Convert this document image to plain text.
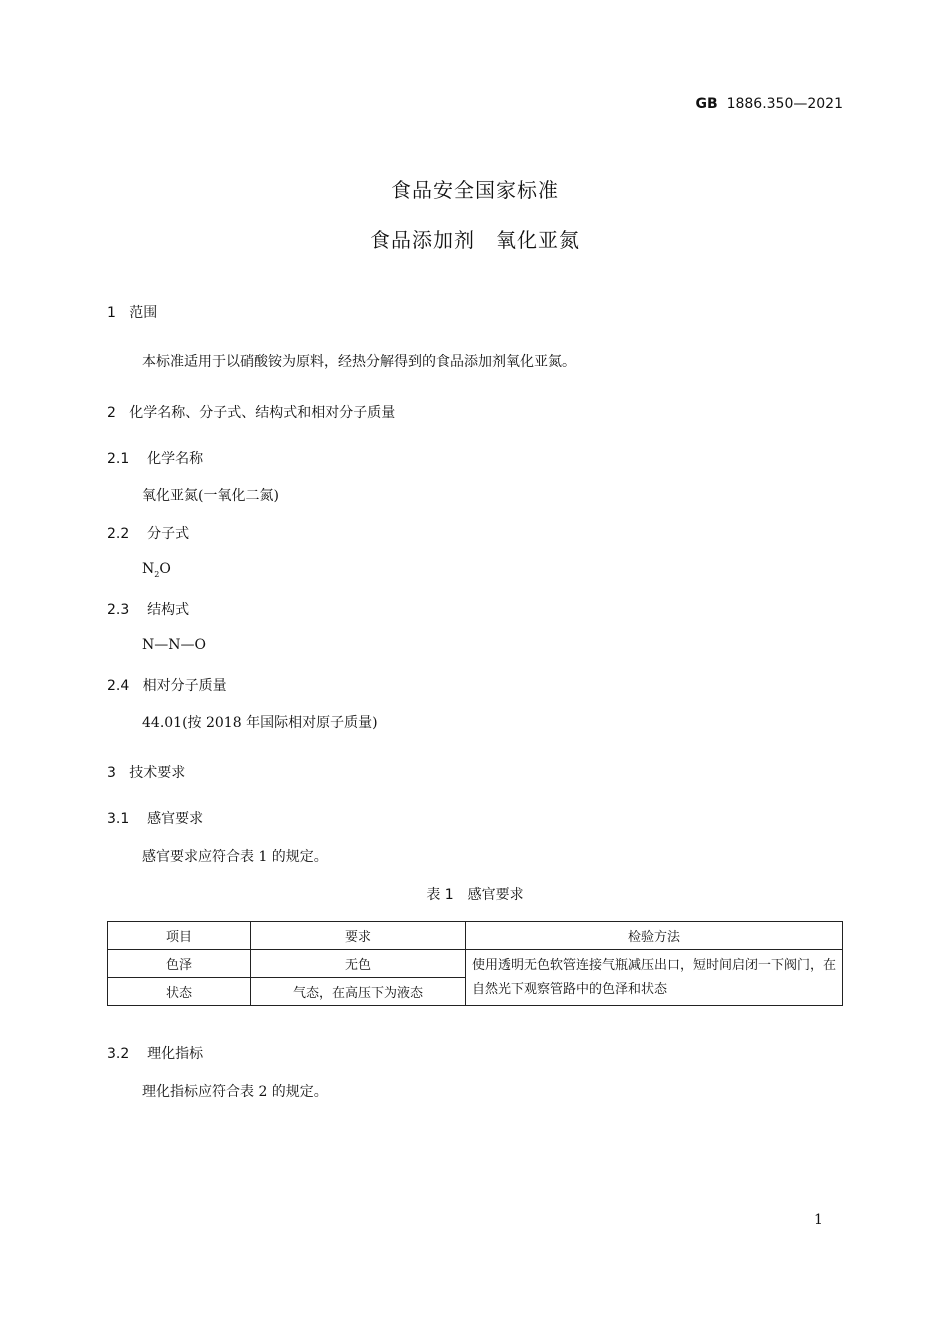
GB 1886.350—2021
食品安全国家标准
食品添加剂　氧化亚氮
1 范围
本标准适用于以硝酸铵为原料，经热分解得到的食品添加剂氧化亚氮。
2 化学名称、分子式、结构式和相对分子质量
2.1 化学名称
氧化亚氮(一氧化二氮)
2.2 分子式
$N_2O$
2.3 结构式
N—N—O
2.4 相对分子质量
44.01(按 2018 年国际相对原子质量)
3 技术要求
3.1 感官要求
感官要求应符合表 1 的规定。
表 1　感官要求
项目	要求	检验方法
色泽	无色	使用透明无色软管连接气瓶减压出口，短时间启闭一下阀门，在自然光下观察管路中的色泽和状态
状态	气态，在高压下为液态	
3.2 理化指标
理化指标应符合表 2 的规定。
1
